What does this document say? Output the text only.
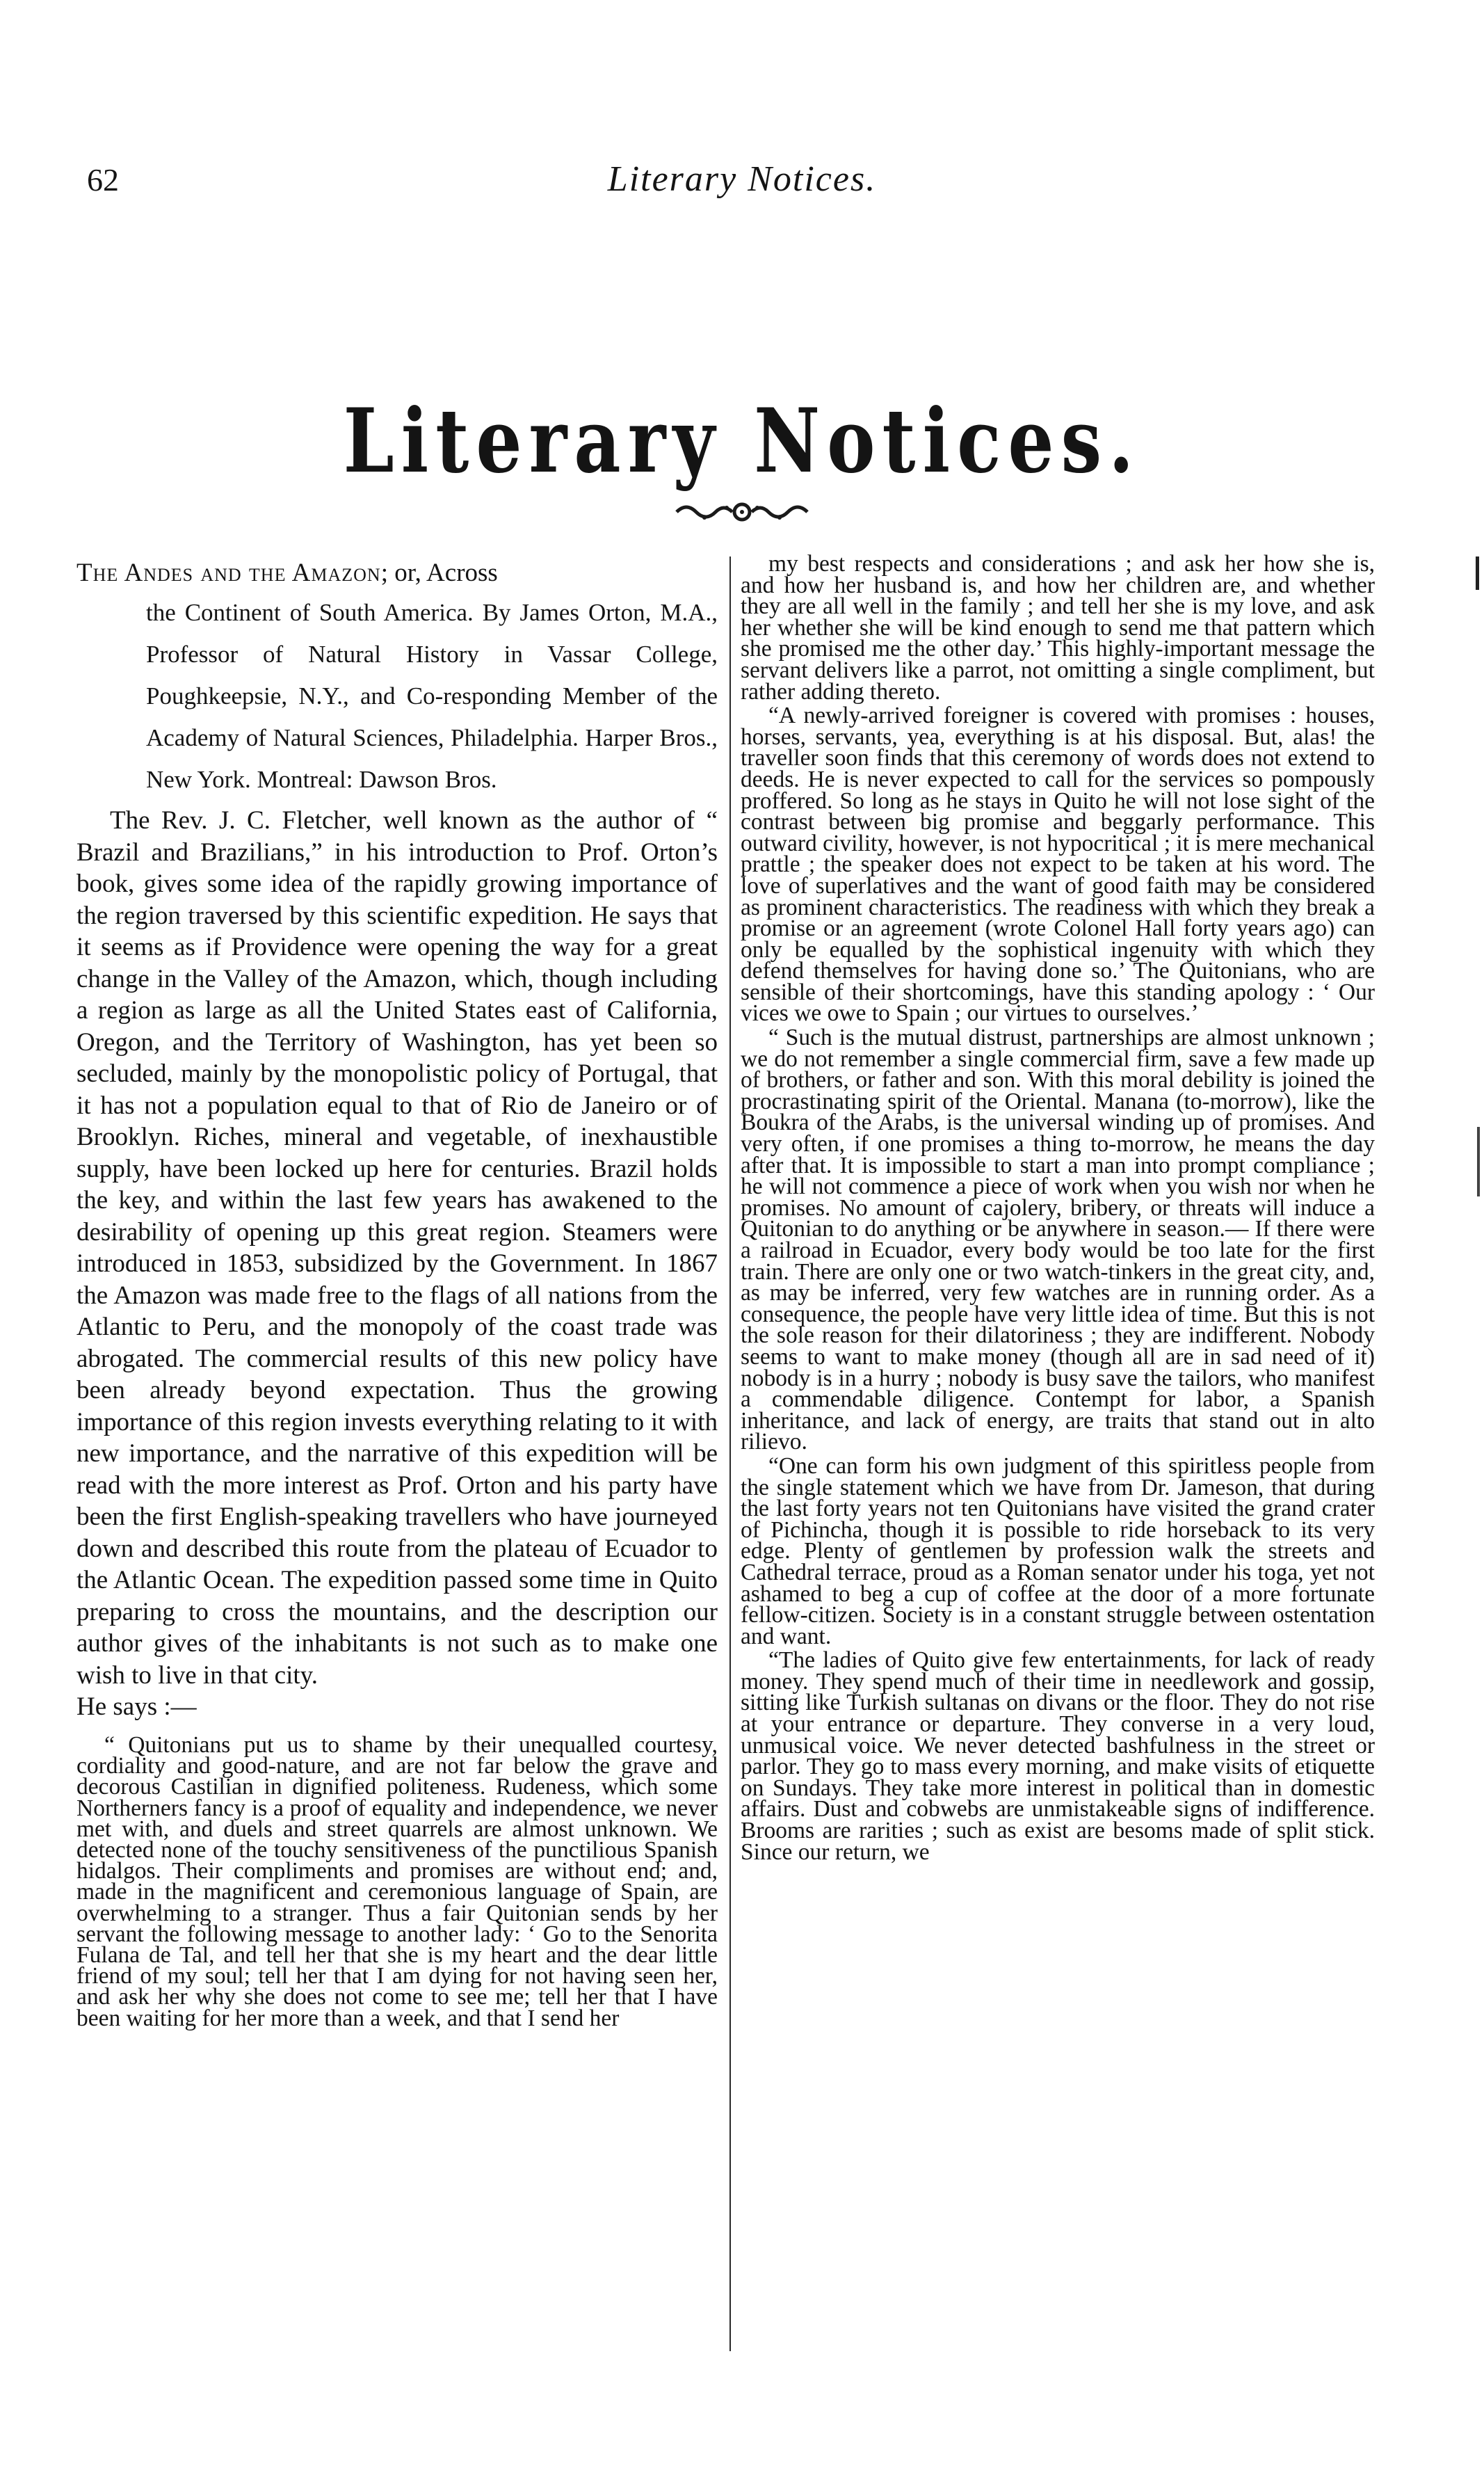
62	Literary Notices.
Literary Notices.

The Andes and the Amazon; or, Across

the Continent of South America. By James Orton, M.A., Professor of Natural History in Vassar College, Poughkeepsie, N.Y., and Co-responding Member of the Academy of Natural Sciences, Philadelphia. Harper Bros., New York. Montreal: Dawson Bros.

The Rev. J. C. Fletcher, well known as the author of “ Brazil and Brazilians,” in his introduction to Prof. Orton’s book, gives some idea of the rapidly growing importance of the region traversed by this scientific expedition. He says that it seems as if Providence were opening the way for a great change in the Valley of the Amazon, which, though including a region as large as all the United States east of California, Oregon, and the Territory of Washington, has yet been so secluded, mainly by the monopolistic policy of Portugal, that it has not a population equal to that of Rio de Janeiro or of Brooklyn. Riches, mineral and vegetable, of inexhaustible supply, have been locked up here for centuries. Brazil holds the key, and within the last few years has awakened to the desirability of opening up this great region. Steamers were introduced in 1853, subsidized by the Government. In 1867 the Amazon was made free to the flags of all nations from the Atlantic to Peru, and the monopoly of the coast trade was abrogated. The commercial results of this new policy have been already beyond expectation. Thus the growing importance of this region invests everything relating to it with new importance, and the narrative of this expedition will be read with the more interest as Prof. Orton and his party have been the first English-speaking travellers who have journeyed down and described this route from the plateau of Ecuador to the Atlantic Ocean. The expedition passed some time in Quito preparing to cross the mountains, and the description our author gives of the inhabitants is not such as to make one wish to live in that city.

He says :—

“ Quitonians put us to shame by their unequalled courtesy, cordiality and good-nature, and are not far below the grave and decorous Castilian in dignified politeness. Rudeness, which some Northerners fancy is a proof of equality and independence, we never met with, and duels and street quarrels are almost unknown. We detected none of the touchy sensitiveness of the punctilious Spanish hidalgos. Their compliments and promises are without end; and, made in the magnificent and ceremonious language of Spain, are overwhelming to a stranger. Thus a fair Quitonian sends by her servant the following message to another lady: ‘ Go to the Senorita Fulana de Tal, and tell her that she is my heart and the dear little friend of my soul; tell her that I am dying for not having seen her, and ask her why she does not come to see me; tell her that I have been waiting for her more than a week, and that I send her

my best respects and considerations ; and ask her how she is, and how her husband is, and how her children are, and whether they are all well in the family ; and tell her she is my love, and ask her whether she will be kind enough to send me that pattern which she promised me the other day.’ This highly-important message the servant delivers like a parrot, not omitting a single compliment, but rather adding thereto.

“A newly-arrived foreigner is covered with promises : houses, horses, servants, yea, everything is at his disposal. But, alas! the traveller soon finds that this ceremony of words does not extend to deeds. He is never expected to call for the services so pompously proffered. So long as he stays in Quito he will not lose sight of the contrast between big promise and beggarly performance. This outward civility, however, is not hypocritical ; it is mere mechanical prattle ; the speaker does not expect to be taken at his word. The love of superlatives and the want of good faith may be considered as prominent characteristics. The readiness with which they break a promise or an agreement (wrote Colonel Hall forty years ago) can only be equalled by the sophistical ingenuity with which they defend themselves for having done so.’ The Quitonians, who are sensible of their shortcomings, have this standing apology : ‘ Our vices we owe to Spain ; our virtues to ourselves.’

“ Such is the mutual distrust, partnerships are almost unknown ; we do not remember a single commercial firm, save a few made up of brothers, or father and son. With this moral debility is joined the procrastinating spirit of the Oriental. Manana (to-morrow), like the Boukra of the Arabs, is the universal winding up of promises. And very often, if one promises a thing to-morrow, he means the day after that. It is impossible to start a man into prompt compliance ; he will not commence a piece of work when you wish nor when he promises. No amount of cajolery, bribery, or threats will induce a Quitonian to do anything or be anywhere in season.— If there were a railroad in Ecuador, every body would be too late for the first train. There are only one or two watch-tinkers in the great city, and, as may be inferred, very few watches are in running order. As a consequence, the people have very little idea of time. But this is not the sole reason for their dilatoriness ; they are indifferent. Nobody seems to want to make money (though all are in sad need of it) nobody is in a hurry ; nobody is busy save the tailors, who manifest a commendable diligence. Contempt for labor, a Spanish inheritance, and lack of energy, are traits that stand out in alto rilievo.

“One can form his own judgment of this spiritless people from the single statement which we have from Dr. Jameson, that during the last forty years not ten Quitonians have visited the grand crater of Pichincha, though it is possible to ride horseback to its very edge. Plenty of gentlemen by profession walk the streets and Cathedral terrace, proud as a Roman senator under his toga, yet not ashamed to beg a cup of coffee at the door of a more fortunate fellow-citizen. Society is in a constant struggle between ostentation and want.

“The ladies of Quito give few entertainments, for lack of ready money. They spend much of their time in needlework and gossip, sitting like Turkish sultanas on divans or the floor. They do not rise at your entrance or departure. They converse in a very loud, unmusical voice. We never detected bashfulness in the street or parlor. They go to mass every morning, and make visits of etiquette on Sundays. They take more interest in political than in domestic affairs. Dust and cobwebs are unmistakeable signs of indifference. Brooms are rarities ; such as exist are besoms made of split stick. Since our return, we
